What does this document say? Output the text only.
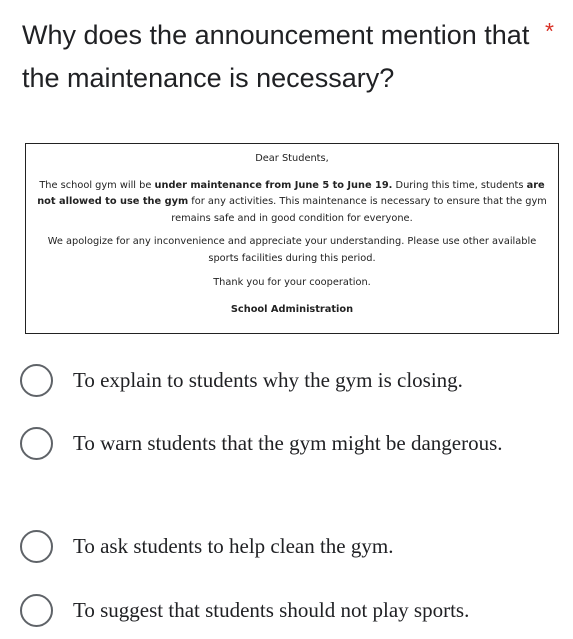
Why does the announcement mention that the maintenance is necessary?
*

Dear Students,

The school gym will be under maintenance from June 5 to June 19. During this time, students are not allowed to use the gym for any activities. This maintenance is necessary to ensure that the gym remains safe and in good condition for everyone.

We apologize for any inconvenience and appreciate your understanding. Please use other available sports facilities during this period.

Thank you for your cooperation.

School Administration

To explain to students why the gym is closing.
To warn students that the gym might be dangerous.
To ask students to help clean the gym.
To suggest that students should not play sports.
